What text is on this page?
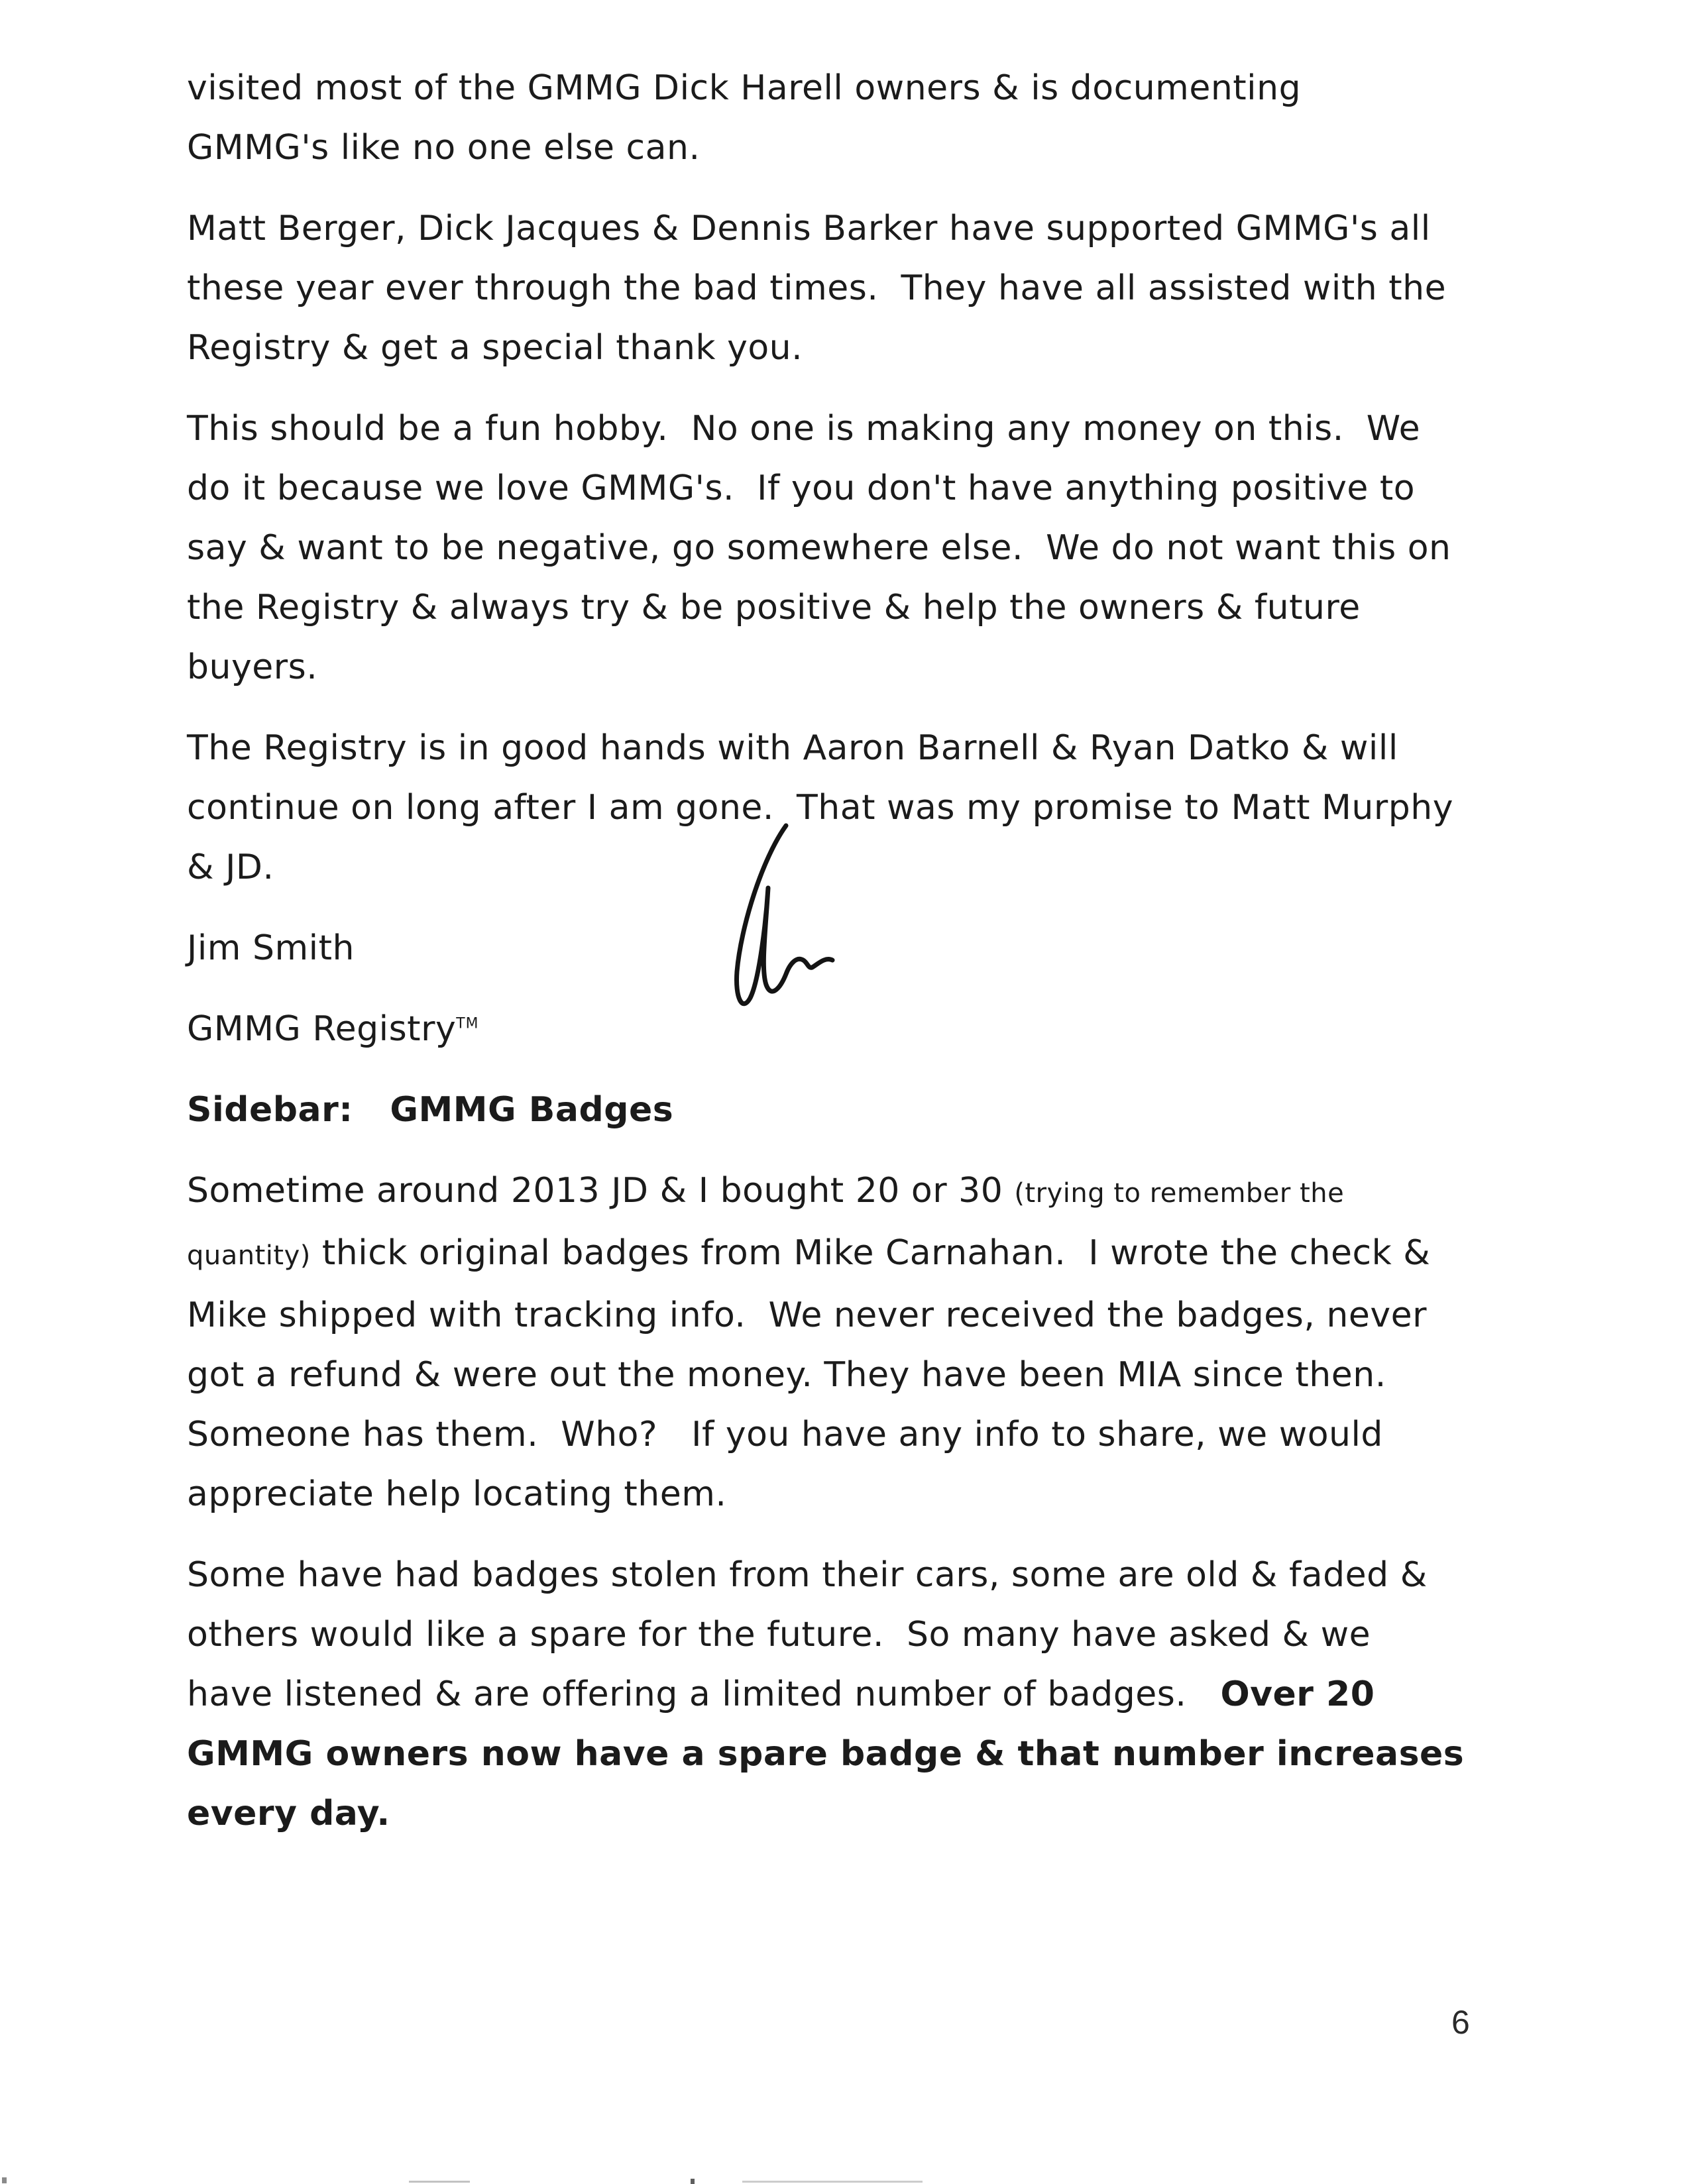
visited most of the GMMG Dick Harell owners & is documenting
GMMG's like no one else can.

Matt Berger, Dick Jacques & Dennis Barker have supported GMMG's all
these year ever through the bad times.  They have all assisted with the
Registry & get a special thank you.

This should be a fun hobby.  No one is making any money on this.  We
do it because we love GMMG's.  If you don't have anything positive to
say & want to be negative, go somewhere else.  We do not want this on
the Registry & always try & be positive & help the owners & future
buyers.

The Registry is in good hands with Aaron Barnell & Ryan Datko & will
continue on long after I am gone.  That was my promise to Matt Murphy
& JD.

Jim Smith

GMMG Registry™

Sidebar:   GMMG Badges

Sometime around 2013 JD & I bought 20 or 30 (trying to remember the
quantity) thick original badges from Mike Carnahan.  I wrote the check &
Mike shipped with tracking info.  We never received the badges, never
got a refund & were out the money. They have been MIA since then.
Someone has them.  Who?   If you have any info to share, we would
appreciate help locating them.

Some have had badges stolen from their cars, some are old & faded &
others would like a spare for the future.  So many have asked & we
have listened & are offering a limited number of badges.   Over 20
GMMG owners now have a spare badge & that number increases
every day.

6
